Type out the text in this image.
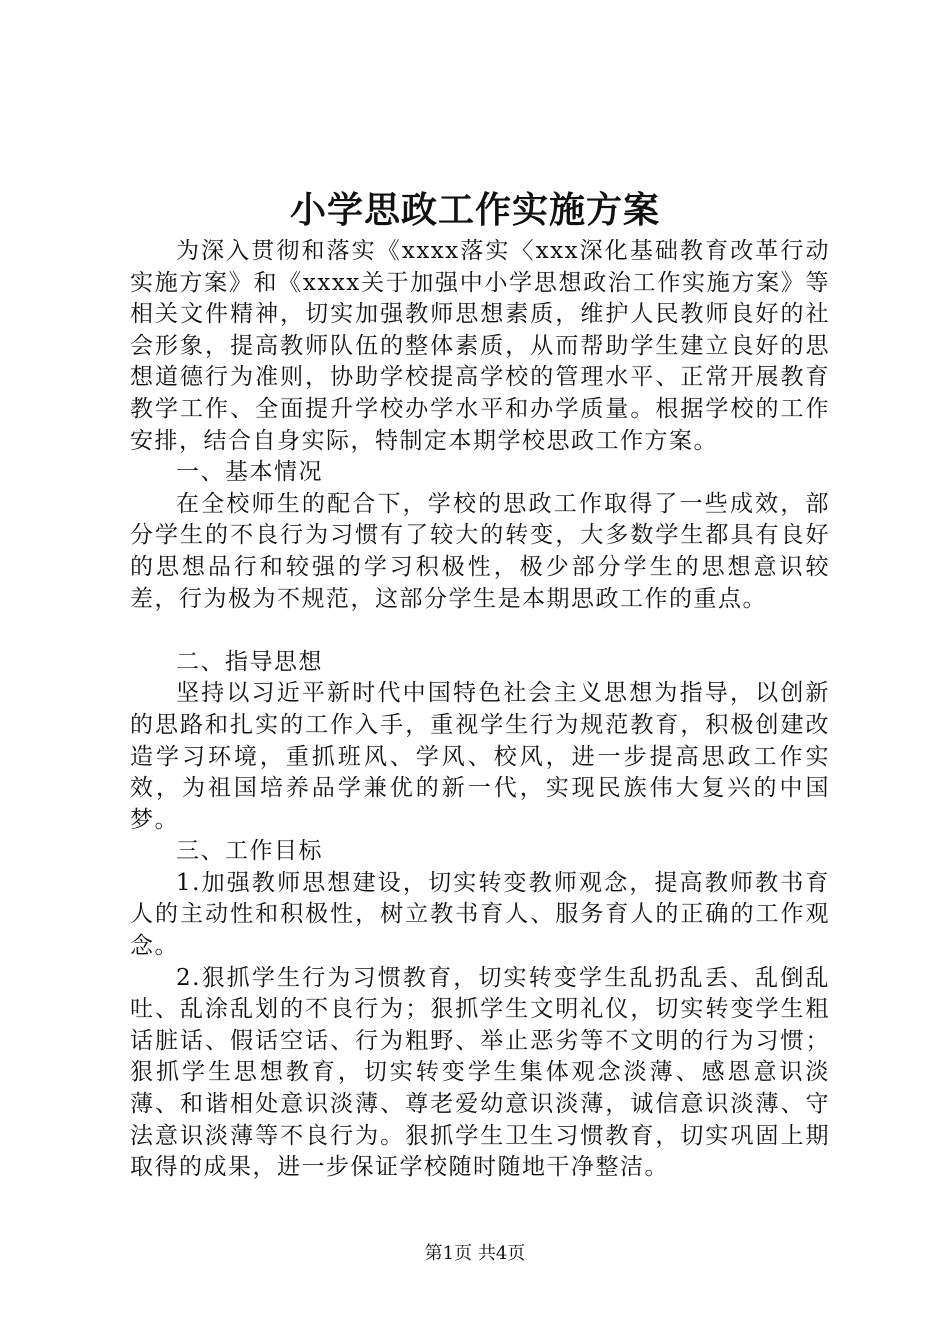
小学思政工作实施方案

为深入贯彻和落实《xxxx落实〈xxx深化基础教育改革行动实施方案》和《xxxx关于加强中小学思想政治工作实施方案》等相关文件精神，切实加强教师思想素质，维护人民教师良好的社会形象，提高教师队伍的整体素质，从而帮助学生建立良好的思想道德行为准则，协助学校提高学校的管理水平、正常开展教育教学工作、全面提升学校办学水平和办学质量。根据学校的工作安排，结合自身实际，特制定本期学校思政工作方案。

一、基本情况

在全校师生的配合下，学校的思政工作取得了一些成效，部分学生的不良行为习惯有了较大的转变，大多数学生都具有良好的思想品行和较强的学习积极性，极少部分学生的思想意识较差，行为极为不规范，这部分学生是本期思政工作的重点。

二、指导思想

坚持以习近平新时代中国特色社会主义思想为指导，以创新的思路和扎实的工作入手，重视学生行为规范教育，积极创建改造学习环境，重抓班风、学风、校风，进一步提高思政工作实效，为祖国培养品学兼优的新一代，实现民族伟大复兴的中国梦。

三、工作目标

1.加强教师思想建设，切实转变教师观念，提高教师教书育人的主动性和积极性，树立教书育人、服务育人的正确的工作观念。

2.狠抓学生行为习惯教育，切实转变学生乱扔乱丢、乱倒乱吐、乱涂乱划的不良行为；狠抓学生文明礼仪，切实转变学生粗话脏话、假话空话、行为粗野、举止恶劣等不文明的行为习惯；狠抓学生思想教育，切实转变学生集体观念淡薄、感恩意识淡薄、和谐相处意识淡薄、尊老爱幼意识淡薄，诚信意识淡薄、守法意识淡薄等不良行为。狠抓学生卫生习惯教育，切实巩固上期取得的成果，进一步保证学校随时随地干净整洁。

第1页 共4页
